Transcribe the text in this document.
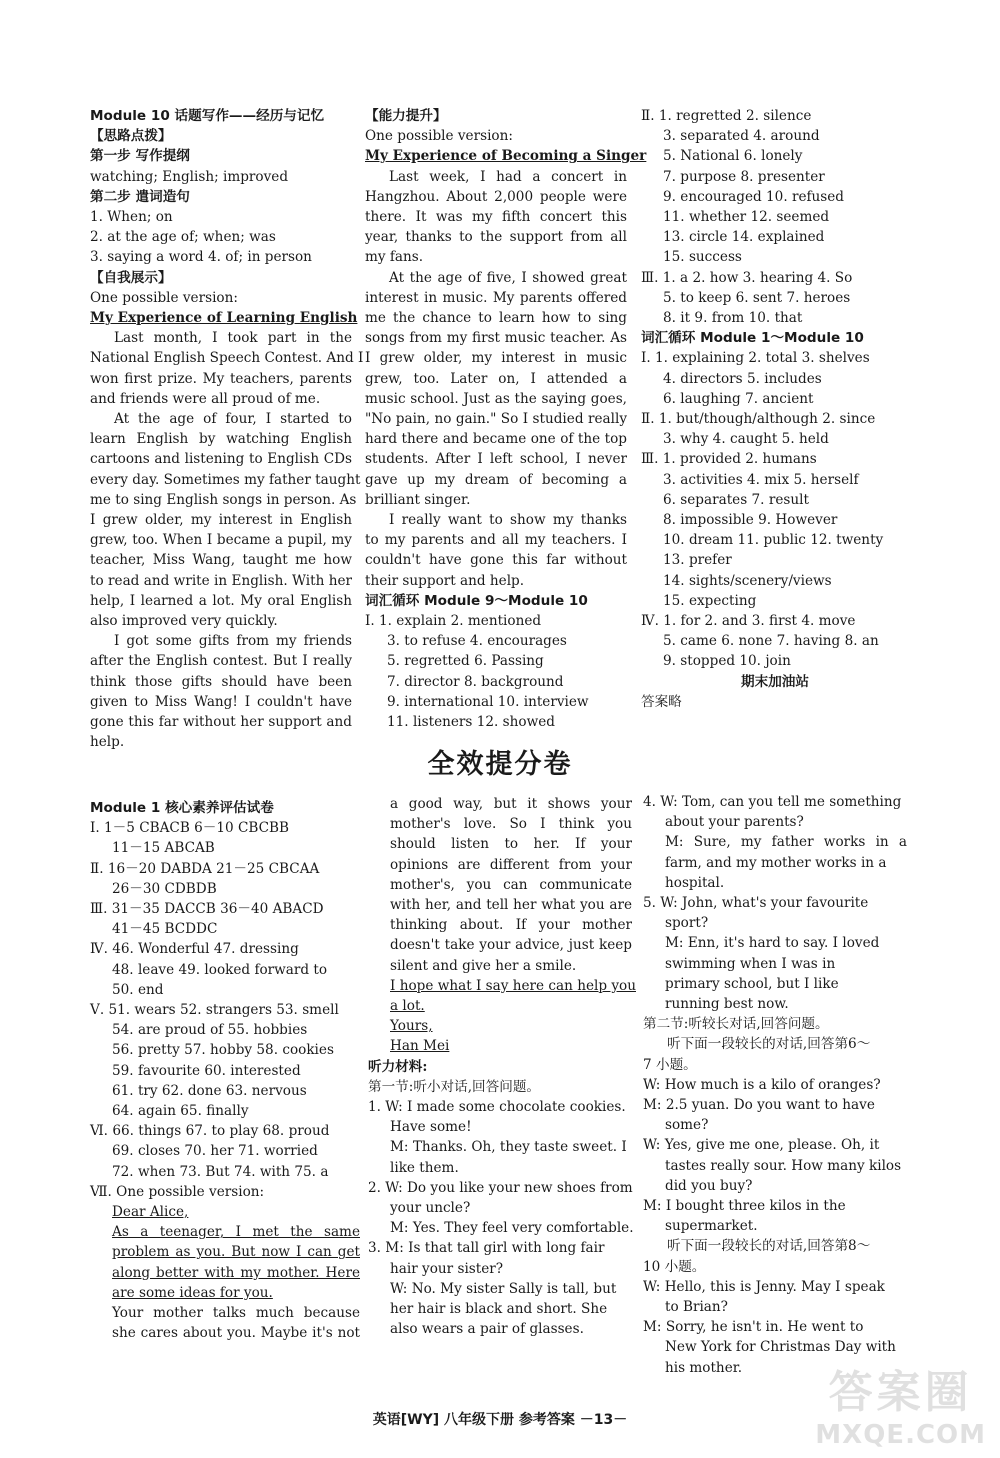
Module 10 话题写作——经历与记忆

【思路点拨】

第一步 写作提纲

watching; English; improved

第二步 遣词造句

1. When; on

2. at the age of; when; was

3. saying a word 4. of; in person

【自我展示】

One possible version:

My Experience of Learning English

Last month, I took part in the

National English Speech Contest. And I

won first prize. My teachers, parents

and friends were all proud of me.

At the age of four, I started to

learn English by watching English

cartoons and listening to English CDs

every day. Sometimes my father taught

me to sing English songs in person. As

I grew older, my interest in English

grew, too. When I became a pupil, my

teacher, Miss Wang, taught me how

to read and write in English. With her

help, I learned a lot. My oral English

also improved very quickly.

I got some gifts from my friends

after the English contest. But I really

think those gifts should have been

given to Miss Wang! I couldn't have

gone this far without her support and

help.

【能力提升】

One possible version:

My Experience of Becoming a Singer

Last week, I had a concert in

Hangzhou. About 2,000 people were

there. It was my fifth concert this

year, thanks to the support from all

my fans.

At the age of five, I showed great

interest in music. My parents offered

me the chance to learn how to sing

songs from my first music teacher. As

I grew older, my interest in music

grew, too. Later on, I attended a

music school. Just as the saying goes,

"No pain, no gain." So I studied really

hard there and became one of the top

students. After I left school, I never

gave up my dream of becoming a

brilliant singer.

I really want to show my thanks

to my parents and all my teachers. I

couldn't have gone this far without

their support and help.

词汇循环 Module 9～Module 10

Ⅰ. 1. explain 2. mentioned

3. to refuse 4. encourages

5. regretted 6. Passing

7. director 8. background

9. international 10. interview

11. listeners 12. showed

Ⅱ. 1. regretted 2. silence

3. separated 4. around

5. National 6. lonely

7. purpose 8. presenter

9. encouraged 10. refused

11. whether 12. seemed

13. circle 14. explained

15. success

Ⅲ. 1. a 2. how 3. hearing 4. So

5. to keep 6. sent 7. heroes

8. it 9. from 10. that

词汇循环 Module 1～Module 10

Ⅰ. 1. explaining 2. total 3. shelves

4. directors 5. includes

6. laughing 7. ancient

Ⅱ. 1. but/though/although 2. since

3. why 4. caught 5. held

Ⅲ. 1. provided 2. humans

3. activities 4. mix 5. herself

6. separates 7. result

8. impossible 9. However

10. dream 11. public 12. twenty

13. prefer

14. sights/scenery/views

15. expecting

Ⅳ. 1. for 2. and 3. first 4. move

5. came 6. none 7. having 8. an

9. stopped 10. join

期末加油站

答案略

全效提分卷

Module 1 核心素养评估试卷

Ⅰ. 1－5 CBACB 6－10 CBCBB

11－15 ABCAB

Ⅱ. 16－20 DABDA 21－25 CBCAA

26－30 CDBDB

Ⅲ. 31－35 DACCB 36－40 ABACD

41－45 BCDDC

Ⅳ. 46. Wonderful 47. dressing

48. leave 49. looked forward to

50. end

Ⅴ. 51. wears 52. strangers 53. smell

54. are proud of 55. hobbies

56. pretty 57. hobby 58. cookies

59. favourite 60. interested

61. try 62. done 63. nervous

64. again 65. finally

Ⅵ. 66. things 67. to play 68. proud

69. closes 70. her 71. worried

72. when 73. But 74. with 75. a

Ⅶ. One possible version:

Dear Alice,

As a teenager, I met the same

problem as you. But now I can get

along better with my mother. Here

are some ideas for you.

Your mother talks much because

she cares about you. Maybe it's not

a good way, but it shows your

mother's love. So I think you

should listen to her. If your

opinions are different from your

mother's, you can communicate

with her, and tell her what you are

thinking about. If your mother

doesn't take your advice, just keep

silent and give her a smile.

I hope what I say here can help you

a lot.

Yours,

Han Mei

听力材料:

第一节:听小对话,回答问题。

1. W: I made some chocolate cookies.

Have some!

M: Thanks. Oh, they taste sweet. I

like them.

2. W: Do you like your new shoes from

your uncle?

M: Yes. They feel very comfortable.

3. M: Is that tall girl with long fair

hair your sister?

W: No. My sister Sally is tall, but

her hair is black and short. She

also wears a pair of glasses.

4. W: Tom, can you tell me something

about your parents?

M: Sure, my father works in a

farm, and my mother works in a

hospital.

5. W: John, what's your favourite

sport?

M: Enn, it's hard to say. I loved

swimming when I was in

primary school, but I like

running best now.

第二节:听较长对话,回答问题。

听下面一段较长的对话,回答第6～

7 小题。

W: How much is a kilo of oranges?

M: 2.5 yuan. Do you want to have

some?

W: Yes, give me one, please. Oh, it

tastes really sour. How many kilos

did you buy?

M: I bought three kilos in the

supermarket.

听下面一段较长的对话,回答第8～

10 小题。

W: Hello, this is Jenny. May I speak

to Brian?

M: Sorry, he isn't in. He went to

New York for Christmas Day with

his mother.

英语[WY] 八年级下册 参考答案 －13－
答案圈
MXQE.COM
